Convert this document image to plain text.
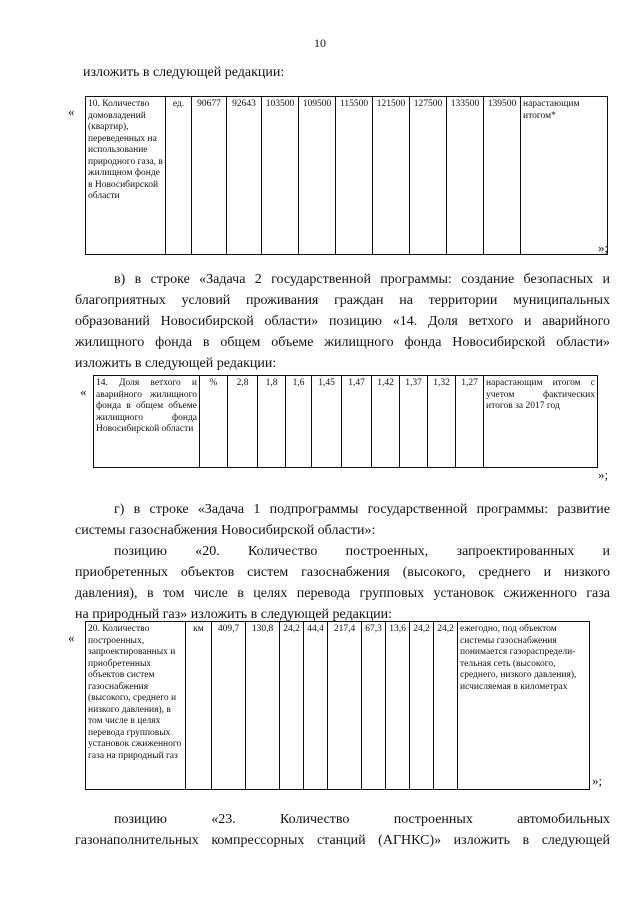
10
изложить в следующей редакции:
« 10. Количество домовладений (квартир), переведенных на использование природного газа, в жилищном фонде в Новосибирской области	ед.	90677	92643	103500	109500	115500	121500	127500	133500	139500	нарастающим итогом*
»;
в) в строке «Задача 2 государственной программы: создание безопасных и
благоприятных условий проживания граждан на территории муниципальных
образований Новосибирской области» позицию «14. Доля ветхого и аварийного
жилищного фонда в общем объеме жилищного фонда Новосибирской области»
изложить в следующей редакции:
«
14. Доля ветхого и аварийного жилищного фонда в общем объеме жилищного фонда Новосибирской области	%	2,8	1,8	1,6	1,45	1,47	1,42	1,37	1,32	1,27	нарастающим итогом с учетом фактических итогов за 2017 год
»;
г) в строке «Задача 1 подпрограммы государственной программы: развитие
системы газоснабжения Новосибирской области»:
позицию «20. Количество построенных, запроектированных и
приобретенных объектов систем газоснабжения (высокого, среднего и низкого
давления), в том числе в целях перевода групповых установок сжиженного газа
на природный газ» изложить в следующей редакции:
«
20. Количество построенных, запроектированных и приобретенных объектов систем газоснабжения (высокого, среднего и низкого давления), в том числе в целях перевода групповых установок сжиженного газа на природный газ	км	409,7	130,8	24,2	44,4	217,4	67,3	13,6	24,2	24,2	ежегодно, под объектом системы газоснабжения понимается газораспредели-тельная сеть (высокого, среднего, низкого давления), исчисляемая в километрах
»;
позицию «23. Количество построенных автомобильных
газонаполнительных компрессорных станций (АГНКС)» изложить в следующей
